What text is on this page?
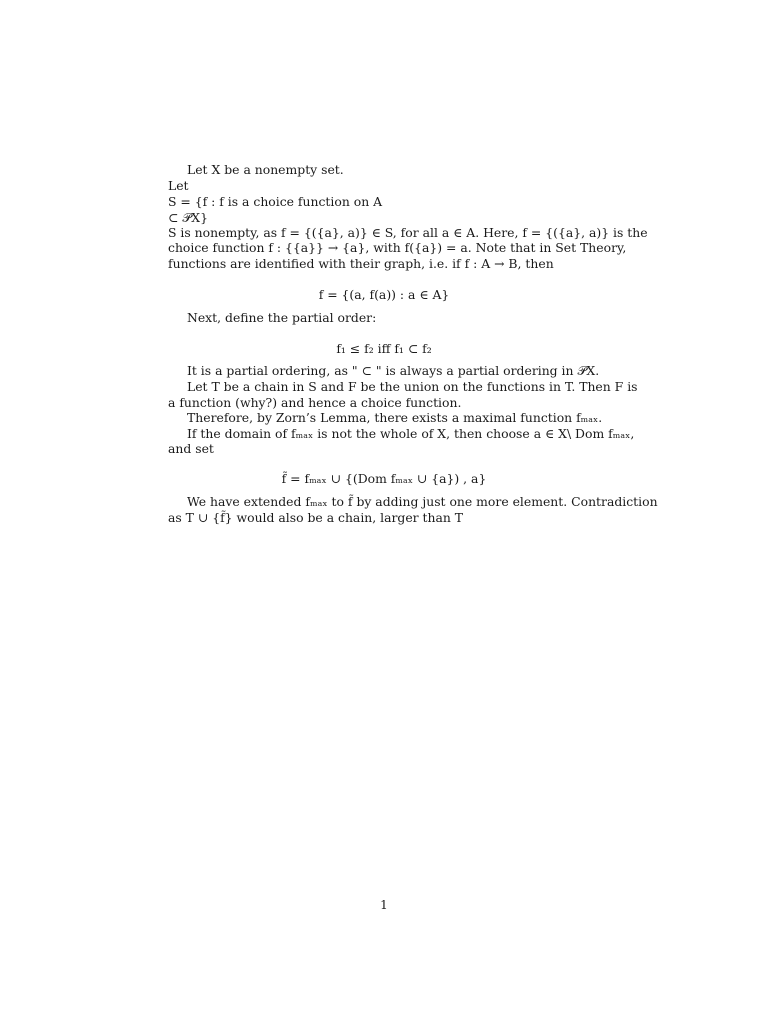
Let X be a nonempty set.
Let
S = {f : f is a choice function on A
⊂ 𝒫X}
S is nonempty, as f = {({a}, a)} ∈ S, for all a ∈ A. Here, f = {({a}, a)} is the
choice function f : {{a}} → {a}, with f({a}) = a. Note that in Set Theory,
functions are identified with their graph, i.e. if f : A → B, then
f = {(a, f(a)) : a ∈ A}
Next, define the partial order:
f₁ ≤ f₂ iff f₁ ⊂ f₂
It is a partial ordering, as " ⊂ " is always a partial ordering in 𝒫X.
Let T be a chain in S and F be the union on the functions in T. Then F is
a function (why?) and hence a choice function.
Therefore, by Zorn’s Lemma, there exists a maximal function fₘₐₓ.
If the domain of fₘₐₓ is not the whole of X, then choose a ∈ X\ Dom fₘₐₓ,
and set
f̃ = fₘₐₓ ∪ {(Dom fₘₐₓ ∪ {a}) , a}
We have extended fₘₐₓ to f̃ by adding just one more element. Contradiction
as T ∪ {f̃} would also be a chain, larger than T
1
